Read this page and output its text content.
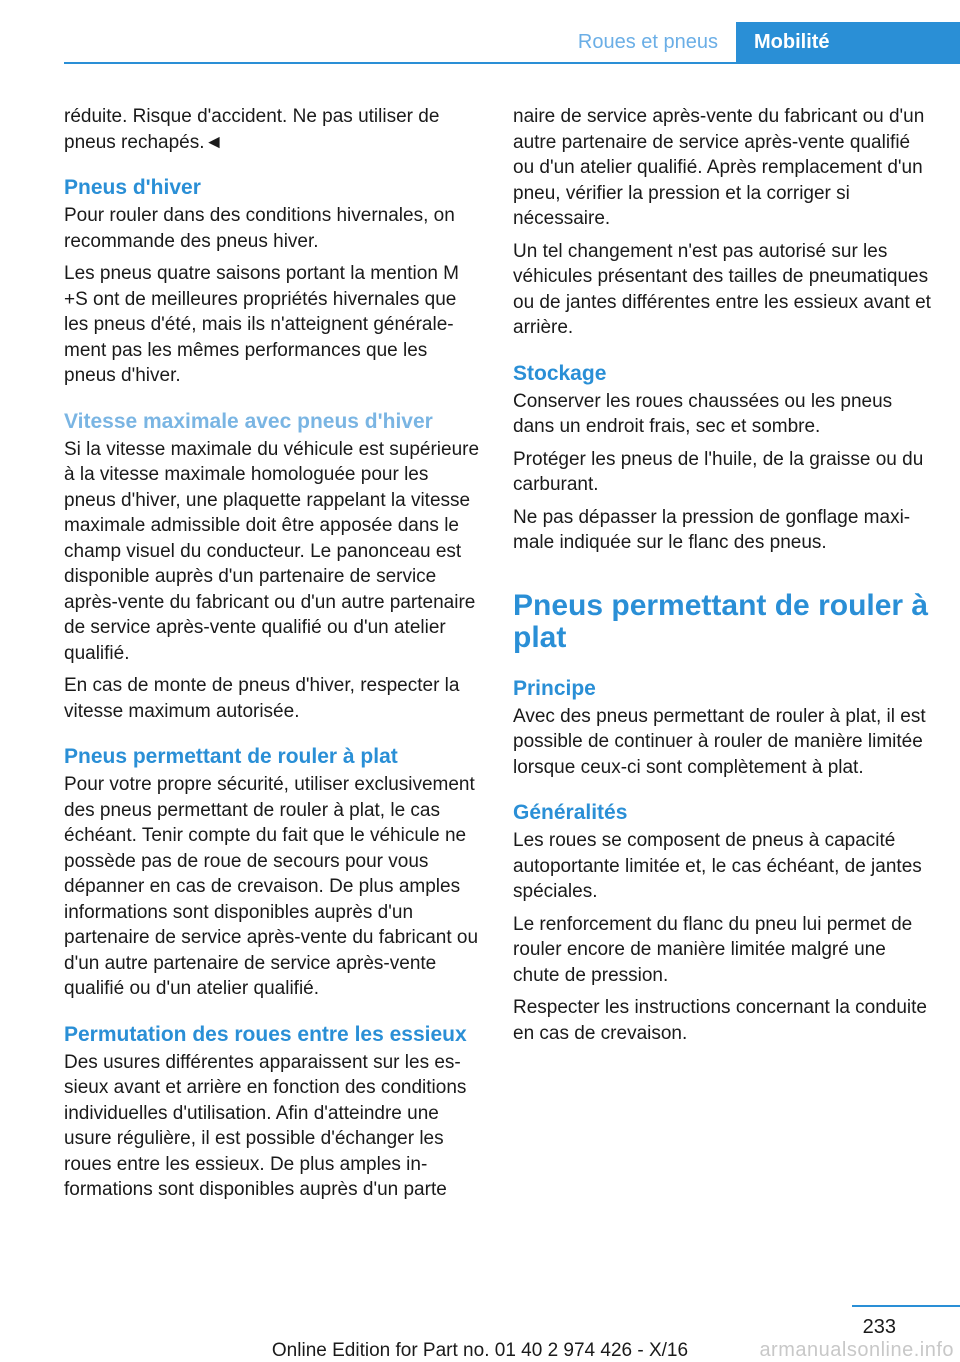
Roues et pneus	Mobilité

réduite. Risque d'accident. Ne pas utiliser de pneus rechapés.◄

Pneus d'hiver

Pour rouler dans des conditions hivernales, on recommande des pneus hiver.

Les pneus quatre saisons portant la mention M +S ont de meilleures propriétés hivernales que les pneus d'été, mais ils n'atteignent généralement pas les mêmes performances que les pneus d'hiver.

Vitesse maximale avec pneus d'hiver

Si la vitesse maximale du véhicule est supérieure à la vitesse maximale homologuée pour les pneus d'hiver, une plaquette rappelant la vitesse maximale admissible doit être apposée dans le champ visuel du conducteur. Le panonceau est disponible auprès d'un partenaire de service après-vente du fabricant ou d'un autre partenaire de service après-vente qualifié ou d'un atelier qualifié.

En cas de monte de pneus d'hiver, respecter la vitesse maximum autorisée.

Pneus permettant de rouler à plat

Pour votre propre sécurité, utiliser exclusivement des pneus permettant de rouler à plat, le cas échéant. Tenir compte du fait que le véhicule ne possède pas de roue de secours pour vous dépanner en cas de crevaison. De plus amples informations sont disponibles auprès d'un partenaire de service après-vente du fabricant ou d'un autre partenaire de service après-vente qualifié ou d'un atelier qualifié.

Permutation des roues entre les essieux

Des usures différentes apparaissent sur les essieux avant et arrière en fonction des conditions individuelles d'utilisation. Afin d'atteindre une usure régulière, il est possible d'échanger les roues entre les essieux. De plus amples informations sont disponibles auprès d'un parte

naire de service après-vente du fabricant ou d'un autre partenaire de service après-vente qualifié ou d'un atelier qualifié. Après remplacement d'un pneu, vérifier la pression et la corriger si nécessaire.

Un tel changement n'est pas autorisé sur les véhicules présentant des tailles de pneumatiques ou de jantes différentes entre les essieux avant et arrière.

Stockage

Conserver les roues chaussées ou les pneus dans un endroit frais, sec et sombre.

Protéger les pneus de l'huile, de la graisse ou du carburant.

Ne pas dépasser la pression de gonflage maximale indiquée sur le flanc des pneus.

Pneus permettant de rouler à plat
Principe

Avec des pneus permettant de rouler à plat, il est possible de continuer à rouler de manière limitée lorsque ceux-ci sont complètement à plat.

Généralités

Les roues se composent de pneus à capacité autoportante limitée et, le cas échéant, de jantes spéciales.

Le renforcement du flanc du pneu lui permet de rouler encore de manière limitée malgré une chute de pression.

Respecter les instructions concernant la conduite en cas de crevaison.

233
Online Edition for Part no. 01 40 2 974 426 - X/16	armanualsonline.info
